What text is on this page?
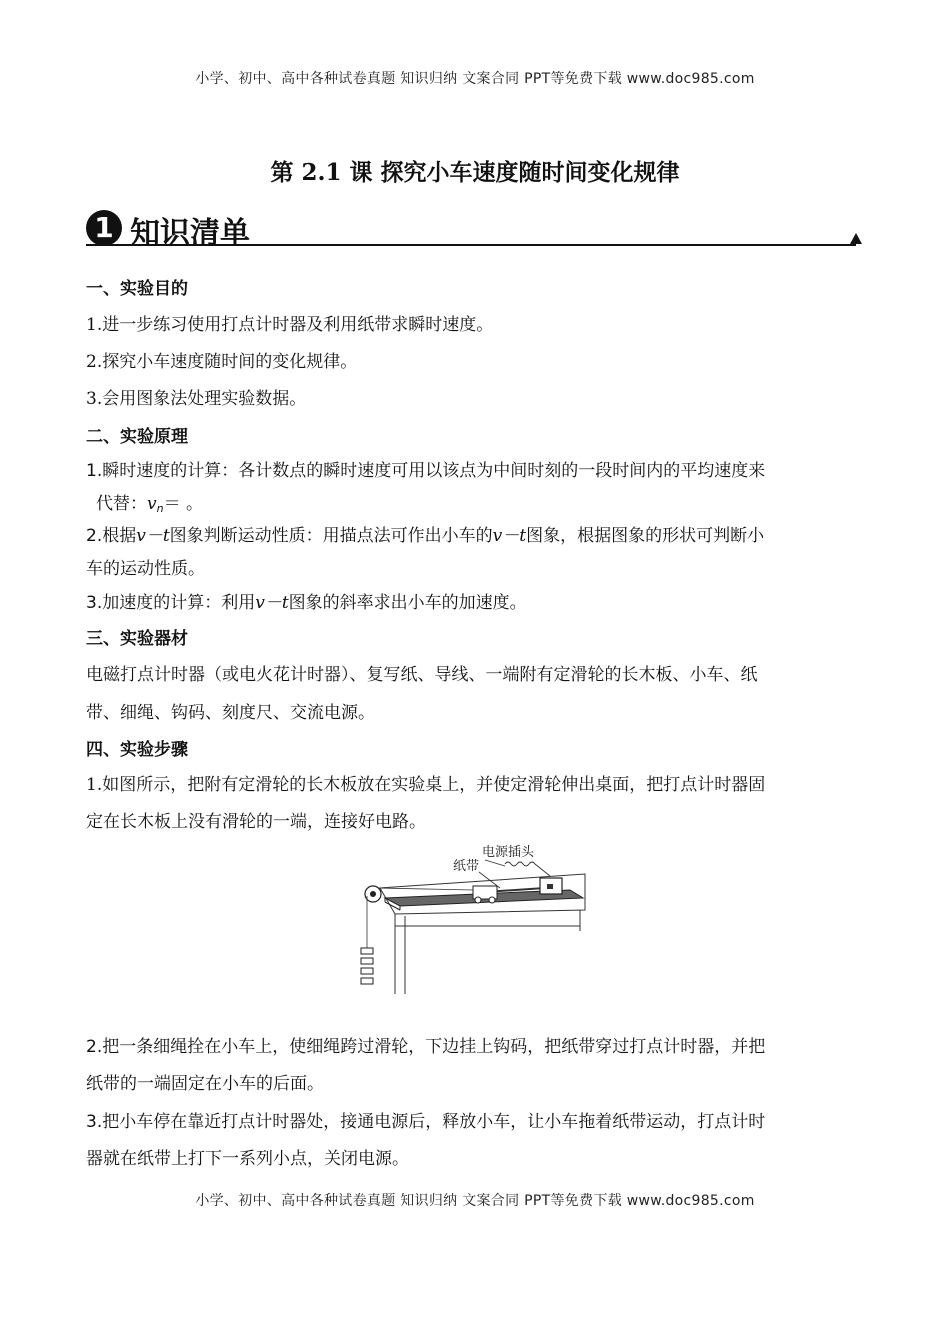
小学、初中、高中各种试卷真题 知识归纳 文案合同 PPT等免费下载 www.doc985.com
第 2.1 课 探究小车速度随时间变化规律
1 知识清单
一、实验目的
1.进一步练习使用打点计时器及利用纸带求瞬时速度。
2.探究小车速度随时间的变化规律。
3.会用图象法处理实验数据。
二、实验原理
1.瞬时速度的计算：各计数点的瞬时速度可用以该点为中间时刻的一段时间内的平均速度来
代替：$v_n=$ 。
2.根据v－t图象判断运动性质：用描点法可作出小车的v－t图象，根据图象的形状可判断小
车的运动性质。
3.加速度的计算：利用v－t图象的斜率求出小车的加速度。
三、实验器材
电磁打点计时器（或电火花计时器）、复写纸、导线、一端附有定滑轮的长木板、小车、纸
带、细绳、钩码、刻度尺、交流电源。
四、实验步骤
1.如图所示，把附有定滑轮的长木板放在实验桌上，并使定滑轮伸出桌面，把打点计时器固
定在长木板上没有滑轮的一端，连接好电路。
电源插头
纸带
2.把一条细绳拴在小车上，使细绳跨过滑轮，下边挂上钩码，把纸带穿过打点计时器，并把
纸带的一端固定在小车的后面。
3.把小车停在靠近打点计时器处，接通电源后，释放小车，让小车拖着纸带运动，打点计时
器就在纸带上打下一系列小点，关闭电源。
小学、初中、高中各种试卷真题 知识归纳 文案合同 PPT等免费下载 www.doc985.com
